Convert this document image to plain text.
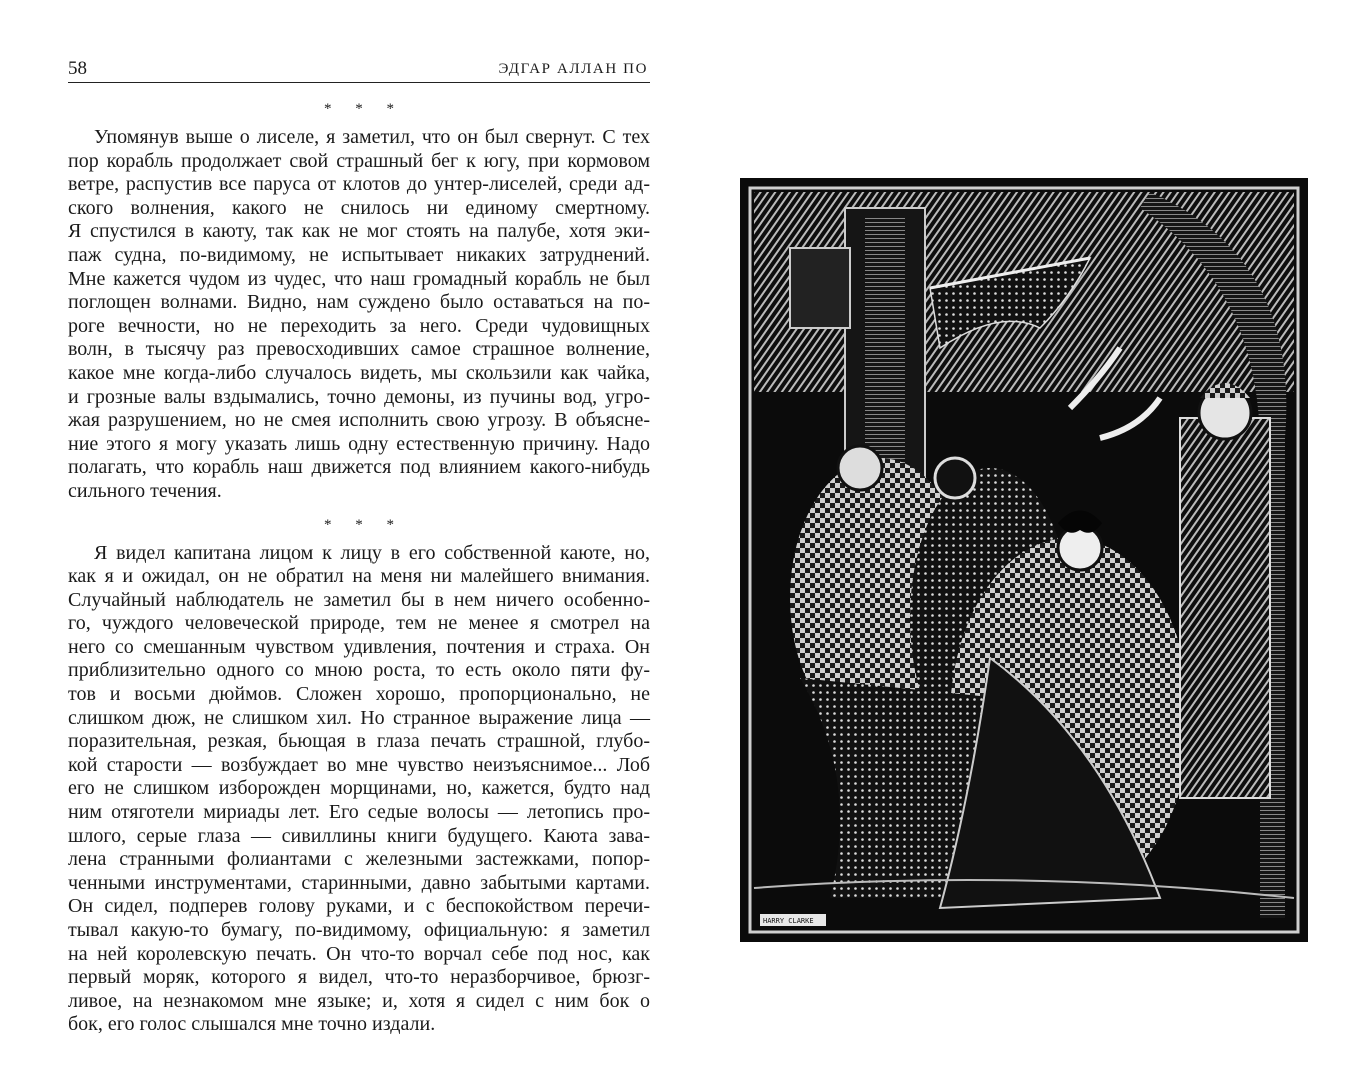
58	ЭДГАР АЛЛАН ПО
* * *
Упомянув выше о лиселе, я заметил, что он был свернут. С тех
пор корабль продолжает свой страшный бег к югу, при кормовом
ветре, распустив все паруса от клотов до унтер-лиселей, среди ад-
ского волнения, какого не снилось ни единому смертному.
Я спустился в каюту, так как не мог стоять на палубе, хотя эки-
паж судна, по-видимому, не испытывает никаких затруднений.
Мне кажется чудом из чудес, что наш громадный корабль не был
поглощен волнами. Видно, нам суждено было оставаться на по-
роге вечности, но не переходить за него. Среди чудовищных
волн, в тысячу раз превосходивших самое страшное волнение,
какое мне когда-либо случалось видеть, мы скользили как чайка,
и грозные валы вздымались, точно демоны, из пучины вод, угро-
жая разрушением, но не смея исполнить свою угрозу. В объясне-
ние этого я могу указать лишь одну естественную причину. Надо
полагать, что корабль наш движется под влиянием какого-нибудь
сильного течения.
* * *
Я видел капитана лицом к лицу в его собственной каюте, но,
как я и ожидал, он не обратил на меня ни малейшего внимания.
Случайный наблюдатель не заметил бы в нем ничего особенно-
го, чуждого человеческой природе, тем не менее я смотрел на
него со смешанным чувством удивления, почтения и страха. Он
приблизительно одного со мною роста, то есть около пяти фу-
тов и восьми дюймов. Сложен хорошо, пропорционально, не
слишком дюж, не слишком хил. Но странное выражение лица —
поразительная, резкая, бьющая в глаза печать страшной, глубо-
кой старости — возбуждает во мне чувство неизъяснимое... Лоб
его не слишком изборожден морщинами, но, кажется, будто над
ним отяготели мириады лет. Его седые волосы — летопись про-
шлого, серые глаза — сивиллины книги будущего. Каюта зава-
лена странными фолиантами с железными застежками, попор-
ченными инструментами, старинными, давно забытыми картами.
Он сидел, подперев голову руками, и с беспокойством перечи-
тывал какую-то бумагу, по-видимому, официальную: я заметил
на ней королевскую печать. Он что-то ворчал себе под нос, как
первый моряк, которого я видел, что-то неразборчивое, брюзг-
ливое, на незнакомом мне языке; и, хотя я сидел с ним бок о
бок, его голос слышался мне точно издали.
HARRY CLARKE
